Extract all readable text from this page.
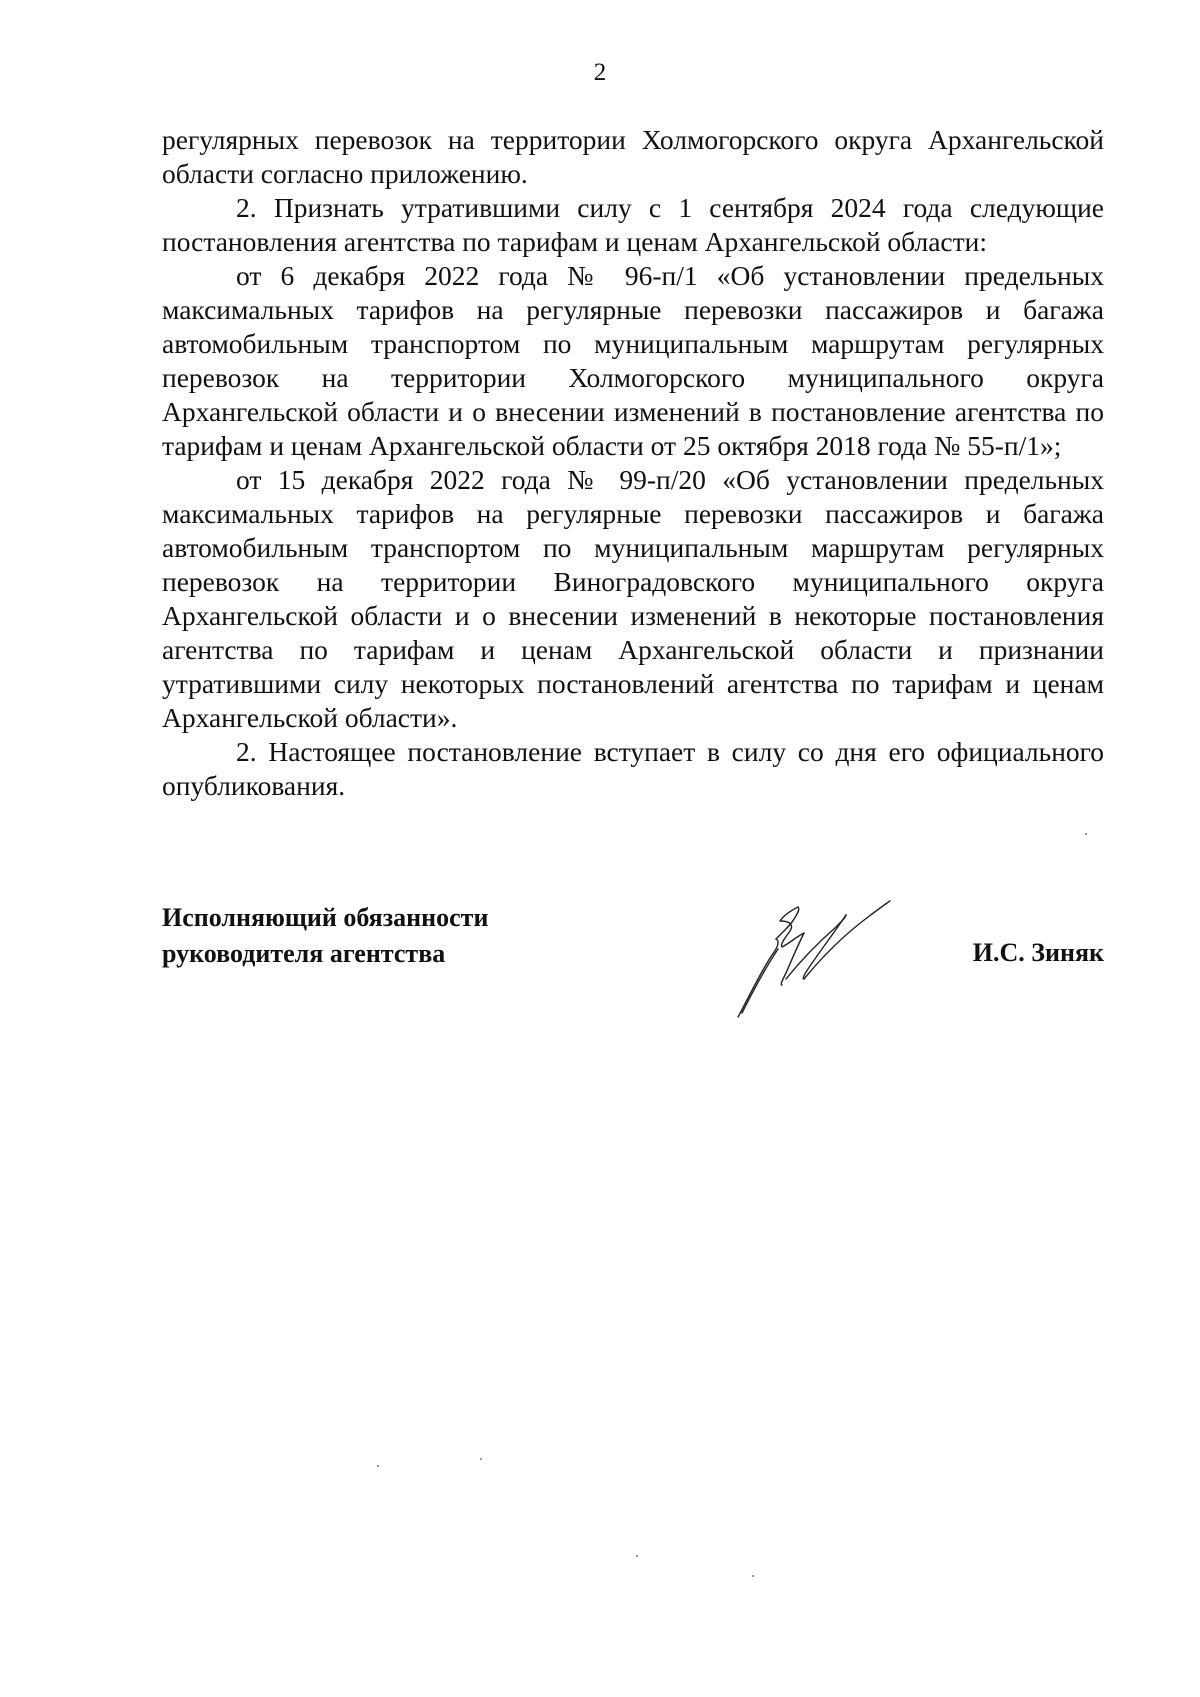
2

регулярных перевозок на территории Холмогорского округа Архангельской области согласно приложению.

2. Признать утратившими силу с 1 сентября 2024 года следующие постановления агентства по тарифам и ценам Архангельской области:

от 6 декабря 2022 года № 96-п/1 «Об установлении предельных максимальных тарифов на регулярные перевозки пассажиров и багажа автомобильным транспортом по муниципальным маршрутам регулярных перевозок на территории Холмогорского муниципального округа Архангельской области и о внесении изменений в постановление агентства по тарифам и ценам Архангельской области от 25 октября 2018 года № 55-п/1»;

от 15 декабря 2022 года № 99-п/20 «Об установлении предельных максимальных тарифов на регулярные перевозки пассажиров и багажа автомобильным транспортом по муниципальным маршрутам регулярных перевозок на территории Виноградовского муниципального округа Архангельской области и о внесении изменений в некоторые постановления агентства по тарифам и ценам Архангельской области и признании утратившими силу некоторых постановлений агентства по тарифам и ценам Архангельской области».

2. Настоящее постановление вступает в силу со дня его официального опубликования.

Исполняющий обязанности
руководителя агентства	И.С. Зиняк
